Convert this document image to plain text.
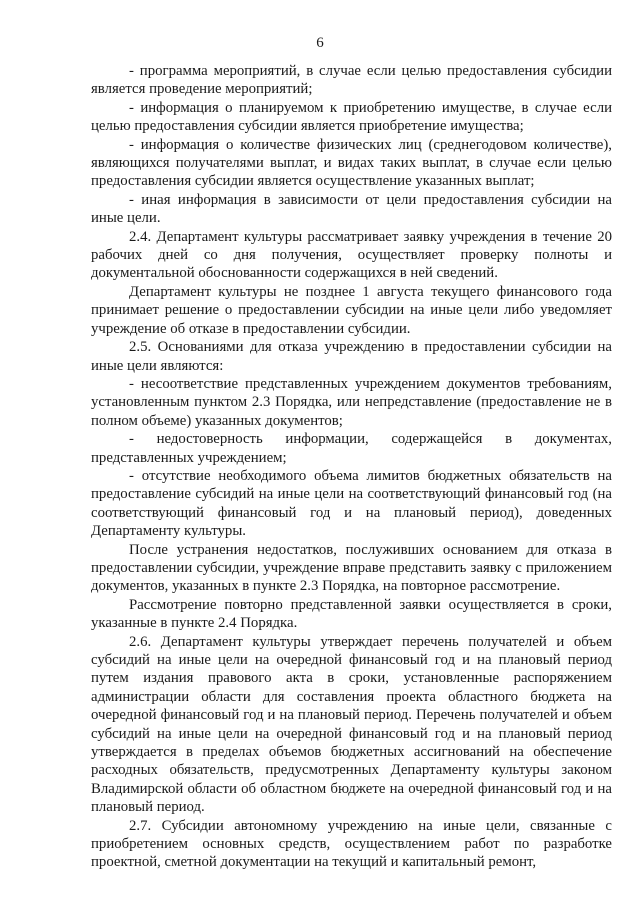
6

- программа мероприятий, в случае если целью предоставления субсидии является проведение мероприятий;

- информация о планируемом к приобретению имуществе, в случае если целью предоставления субсидии является приобретение имущества;

- информация о количестве физических лиц (среднегодовом количестве), являющихся получателями выплат, и видах таких выплат, в случае если целью предоставления субсидии является осуществление указанных выплат;

- иная информация в зависимости от цели предоставления субсидии на иные цели.

2.4. Департамент культуры рассматривает заявку учреждения в течение 20 рабочих дней со дня получения, осуществляет проверку полноты и документальной обоснованности содержащихся в ней сведений.

Департамент культуры не позднее 1 августа текущего финансового года принимает решение о предоставлении субсидии на иные цели либо уведомляет учреждение об отказе в предоставлении субсидии.

2.5. Основаниями для отказа учреждению в предоставлении субсидии на иные цели являются:

- несоответствие представленных учреждением документов требованиям, установленным пунктом 2.3 Порядка, или непредставление (предоставление не в полном объеме) указанных документов;

- недостоверность информации, содержащейся в документах, представленных учреждением;

- отсутствие необходимого объема лимитов бюджетных обязательств на предоставление субсидий на иные цели на соответствующий финансовый год (на соответствующий финансовый год и на плановый период), доведенных Департаменту культуры.

После устранения недостатков, послуживших основанием для отказа в предоставлении субсидии, учреждение вправе представить заявку с приложением документов, указанных в пункте 2.3 Порядка, на повторное рассмотрение.

Рассмотрение повторно представленной заявки осуществляется в сроки, указанные в пункте 2.4 Порядка.

2.6. Департамент культуры утверждает перечень получателей и объем субсидий на иные цели на очередной финансовый год и на плановый период путем издания правового акта в сроки, установленные распоряжением администрации области для составления проекта областного бюджета на очередной финансовый год и на плановый период. Перечень получателей и объем субсидий на иные цели на очередной финансовый год и на плановый период утверждается в пределах объемов бюджетных ассигнований на обеспечение расходных обязательств, предусмотренных Департаменту культуры законом Владимирской области об областном бюджете на очередной финансовый год и на плановый период.

2.7. Субсидии автономному учреждению на иные цели, связанные с приобретением основных средств, осуществлением работ по разработке проектной, сметной документации на текущий и капитальный ремонт,
